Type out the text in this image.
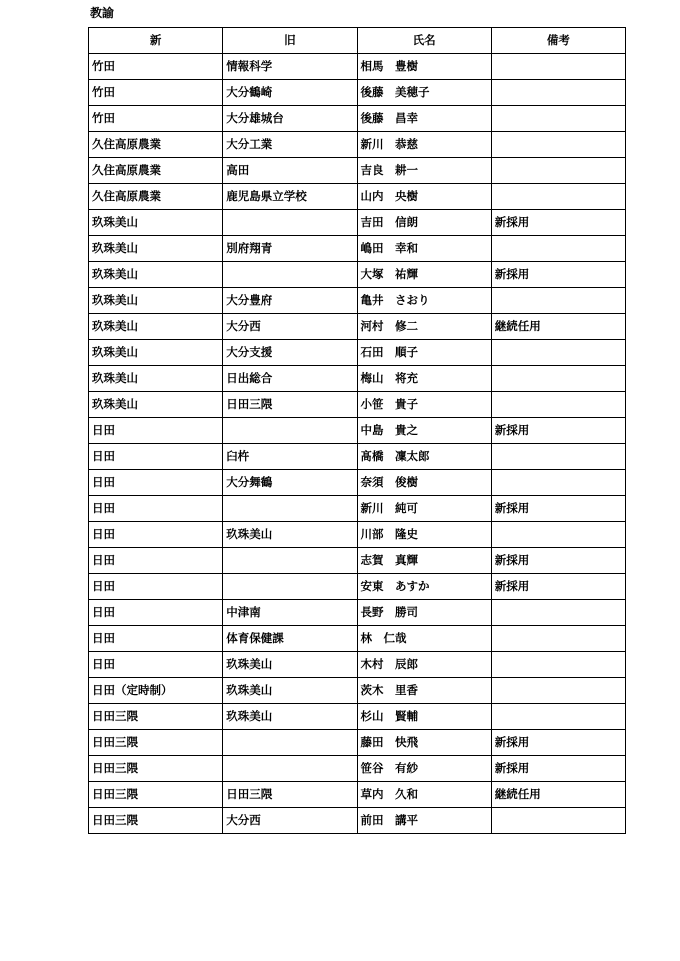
教諭
新	旧	氏名	備考
竹田	情報科学	相馬　豊樹	
竹田	大分鶴崎	後藤　美穂子	
竹田	大分雄城台	後藤　昌幸	
久住高原農業	大分工業	新川　恭慈	
久住高原農業	高田	吉良　耕一	
久住高原農業	鹿児島県立学校	山内　央樹	
玖珠美山		吉田　信朗	新採用
玖珠美山	別府翔青	嶋田　幸和	
玖珠美山		大塚　祐輝	新採用
玖珠美山	大分豊府	亀井　さおり	
玖珠美山	大分西	河村　修二	継続任用
玖珠美山	大分支援	石田　順子	
玖珠美山	日出総合	梅山　将充	
玖珠美山	日田三隈	小笹　貴子	
日田		中島　貴之	新採用
日田	臼杵	髙橋　凜太郎	
日田	大分舞鶴	奈須　俊樹	
日田		新川　純可	新採用
日田	玖珠美山	川部　隆史	
日田		志賀　真輝	新採用
日田		安東　あすか	新採用
日田	中津南	長野　勝司	
日田	体育保健課	林　仁哉	
日田	玖珠美山	木村　辰郎	
日田（定時制）	玖珠美山	茨木　里香	
日田三隈	玖珠美山	杉山　賢輔	
日田三隈		藤田　快飛	新採用
日田三隈		笹谷　有紗	新採用
日田三隈	日田三隈	草内　久和	継続任用
日田三隈	大分西	前田　講平	
